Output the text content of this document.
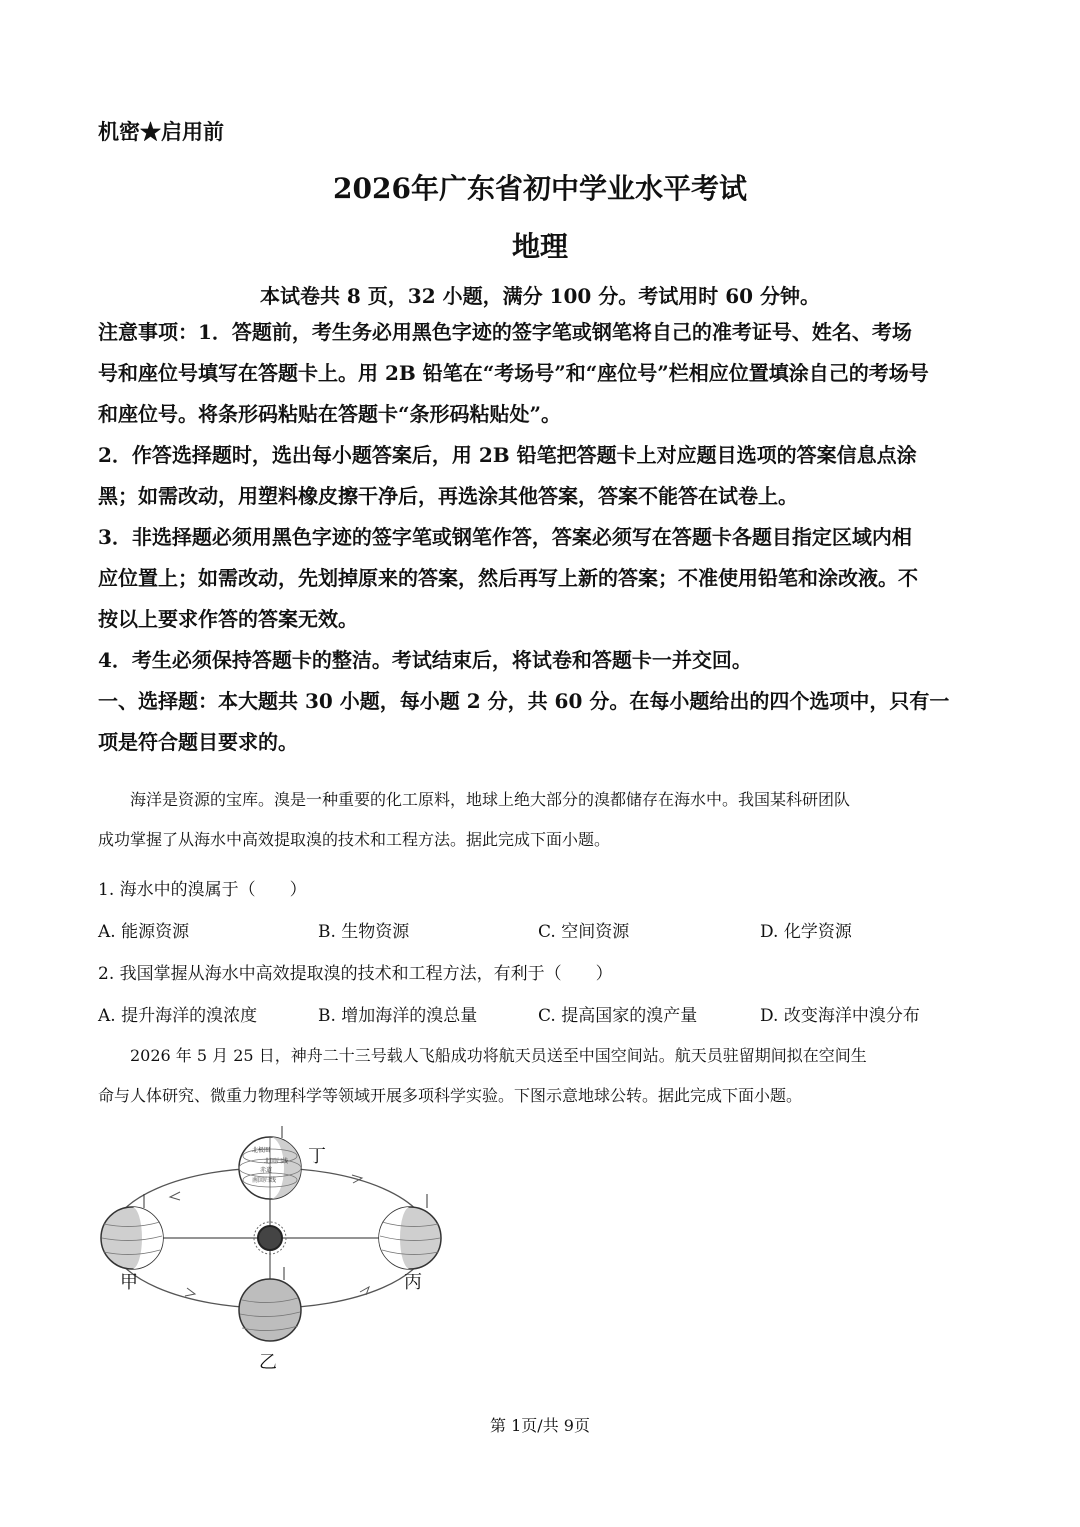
机密★启用前
2026年广东省初中学业水平考试
地理
本试卷共 8 页，32 小题，满分 100 分。考试用时 60 分钟。
注意事项：1．答题前，考生务必用黑色字迹的签字笔或钢笔将自己的准考证号、姓名、考场
号和座位号填写在答题卡上。用 2B 铅笔在“考场号”和“座位号”栏相应位置填涂自己的考场号
和座位号。将条形码粘贴在答题卡“条形码粘贴处”。
2．作答选择题时，选出每小题答案后，用 2B 铅笔把答题卡上对应题目选项的答案信息点涂
黑；如需改动，用塑料橡皮擦干净后，再选涂其他答案，答案不能答在试卷上。
3．非选择题必须用黑色字迹的签字笔或钢笔作答，答案必须写在答题卡各题目指定区域内相
应位置上；如需改动，先划掉原来的答案，然后再写上新的答案；不准使用铅笔和涂改液。不
按以上要求作答的答案无效。
4．考生必须保持答题卡的整洁。考试结束后，将试卷和答题卡一并交回。
一、选择题：本大题共 30 小题，每小题 2 分，共 60 分。在每小题给出的四个选项中，只有一
项是符合题目要求的。
　　海洋是资源的宝库。溴是一种重要的化工原料，地球上绝大部分的溴都储存在海水中。我国某科研团队
成功掌握了从海水中高效提取溴的技术和工程方法。据此完成下面小题。
1. 海水中的溴属于（　　）
A. 能源资源	B. 生物资源	C. 空间资源	D. 化学资源
2. 我国掌握从海水中高效提取溴的技术和工程方法，有利于（　　）
A. 提升海洋的溴浓度	B. 增加海洋的溴总量	C. 提高国家的溴产量	D. 改变海洋中溴分布
　　2026 年 5 月 25 日，神舟二十三号载人飞船成功将航天员送至中国空间站。航天员驻留期间拟在空间生
命与人体研究、微重力物理科学等领域开展多项科学实验。下图示意地球公转。据此完成下面小题。
北极圈
北回归线
赤道
南回归线
丁
甲	丙
乙
第 1页/共 9页
